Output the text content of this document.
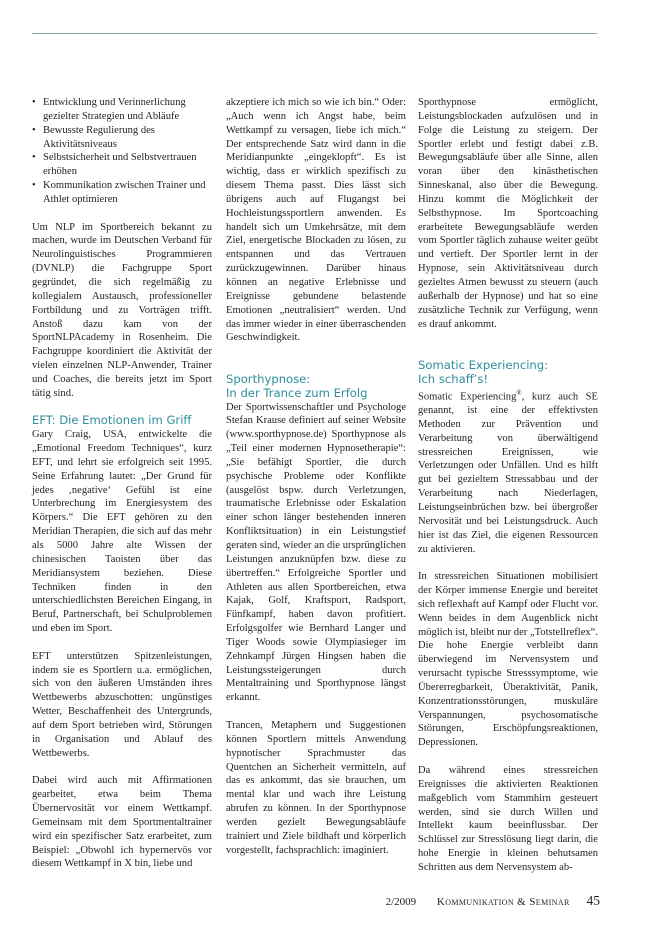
• Entwicklung und Verinnerlichung gezielter Strategien und Abläufe
• Bewusste Regulierung des Aktivitätsniveaus
• Selbstsicherheit und Selbstvertrauen erhöhen
• Kommunikation zwischen Trainer und Athlet optimieren

Um NLP im Sportbereich bekannt zu machen, wurde im Deutschen Verband für Neurolinguistisches Programmieren (DVNLP) die Fachgruppe Sport gegründet, die sich regelmäßig zu kollegialem Austausch, professioneller Fortbildung und zu Vorträgen trifft. Anstoß dazu kam von der SportNLPAcademy in Rosenheim. Die Fachgruppe koordiniert die Aktivität der vielen einzelnen NLP-Anwender, Trainer und Coaches, die bereits jetzt im Sport tätig sind.

EFT: Die Emotionen im Griff

Gary Craig, USA, entwickelte die „Emotional Freedom Techniques“, kurz EFT, und lehrt sie erfolgreich seit 1995. Seine Erfahrung lautet: „Der Grund für jedes ‚negative‘ Gefühl ist eine Unterbrechung im Energiesystem des Körpers.“ Die EFT gehören zu den Meridian Therapien, die sich auf das mehr als 5000 Jahre alte Wissen der chinesischen Taoisten über das Meridiansystem beziehen. Diese Techniken finden in den unterschiedlichsten Bereichen Eingang, in Beruf, Partnerschaft, bei Schulproblemen und eben im Sport.

EFT unterstützen Spitzenleistungen, indem sie es Sportlern u.a. ermöglichen, sich von den äußeren Umständen ihres Wettbewerbs abzuschotten: ungünstiges Wetter, Beschaffenheit des Untergrunds, auf dem Sport betrieben wird, Störungen in Organisation und Ablauf des Wettbewerbs.

Dabei wird auch mit Affirmationen gearbeitet, etwa beim Thema Übernervosität vor einem Wettkampf. Gemeinsam mit dem Sportmentaltrainer wird ein spezifischer Satz erarbeitet, zum Beispiel: „Obwohl ich hypernervös vor diesem Wettkampf in X bin, liebe und

akzeptiere ich mich so wie ich bin.“ Oder: „Auch wenn ich Angst habe, beim Wettkampf zu versagen, liebe ich mich.“ Der entsprechende Satz wird dann in die Meridianpunkte „eingeklopft“. Es ist wichtig, dass er wirklich spezifisch zu diesem Thema passt. Dies lässt sich übrigens auch auf Flugangst bei Hochleistungssportlern anwenden. Es handelt sich um Umkehrsätze, mit dem Ziel, energetische Blockaden zu lösen, zu entspannen und das Vertrauen zurückzugewinnen. Darüber hinaus können an negative Erlebnisse und Ereignisse gebundene belastende Emotionen „neutralisiert“ werden. Und das immer wieder in einer überraschenden Geschwindigkeit.

Sporthypnose:
In der Trance zum Erfolg

Der Sportwissenschaftler und Psychologe Stefan Krause definiert auf seiner Website (www.sporthypnose.de) Sporthypnose als „Teil einer modernen Hypnosetherapie“: „Sie befähigt Sportler, die durch psychische Probleme oder Konflikte (ausgelöst bspw. durch Verletzungen, traumatische Erlebnisse oder Eskalation einer schon länger bestehenden inneren Konfliktsituation) in ein Leistungstief geraten sind, wieder an die ursprünglichen Leistungen anzuknüpfen bzw. diese zu übertreffen.“ Erfolgreiche Sportler und Athleten aus allen Sportbereichen, etwa Kajak, Golf, Kraftsport, Radsport, Fünfkampf, haben davon profitiert. Erfolgsgolfer wie Bernhard Langer und Tiger Woods sowie Olympiasieger im Zehnkampf Jürgen Hingsen haben die Leistungssteigerungen durch Mentaltraining und Sporthypnose längst erkannt.

Trancen, Metaphern und Suggestionen können Sportlern mittels Anwendung hypnotischer Sprachmuster das Quentchen an Sicherheit vermitteln, auf das es ankommt, das sie brauchen, um mental klar und wach ihre Leistung abrufen zu können. In der Sporthypnose werden gezielt Bewegungsabläufe trainiert und Ziele bildhaft und körperlich vorgestellt, fachsprachlich: imaginiert.

Sporthypnose ermöglicht, Leistungsblockaden aufzulösen und in Folge die Leistung zu steigern. Der Sportler erlebt und festigt dabei z.B. Bewegungsabläufe über alle Sinne, allen voran über den kinästhetischen Sinneskanal, also über die Bewegung. Hinzu kommt die Möglichkeit der Selbsthypnose. Im Sportcoaching erarbeitete Bewegungsabläufe werden vom Sportler täglich zuhause weiter geübt und vertieft. Der Sportler lernt in der Hypnose, sein Aktivitätsniveau durch gezieltes Atmen bewusst zu steuern (auch außerhalb der Hypnose) und hat so eine zusätzliche Technik zur Verfügung, wenn es drauf ankommt.

Somatic Experiencing:
Ich schaff’s!

Somatic Experiencing®, kurz auch SE genannt, ist eine der effektivsten Methoden zur Prävention und Verarbeitung von überwältigend stressreichen Ereignissen, wie Verletzungen oder Unfällen. Und es hilft gut bei gezieltem Stressabbau und der Verarbeitung nach Niederlagen, Leistungseinbrüchen bzw. bei übergroßer Nervosität und bei Leistungsdruck. Auch hier ist das Ziel, die eigenen Ressourcen zu aktivieren.

In stressreichen Situationen mobilisiert der Körper immense Energie und bereitet sich reflexhaft auf Kampf oder Flucht vor. Wenn beides in dem Augenblick nicht möglich ist, bleibt nur der „Totstellreflex“. Die hohe Energie verbleibt dann überwiegend im Nervensystem und verursacht typische Stresssymptome, wie Übererregbarkeit, Überaktivität, Panik, Konzentrationsstörungen, muskuläre Verspannungen, psychosomatische Störungen, Erschöpfungsreaktionen, Depressionen.

Da während eines stressreichen Ereignisses die aktivierten Reaktionen maßgeblich vom Stammhirn gesteuert werden, sind sie durch Willen und Intellekt kaum beeinflussbar. Der Schlüssel zur Stresslösung liegt darin, die hohe Energie in kleinen behutsamen Schritten aus dem Nervensystem ab-

2/2009 Kommunikation & Seminar 45
